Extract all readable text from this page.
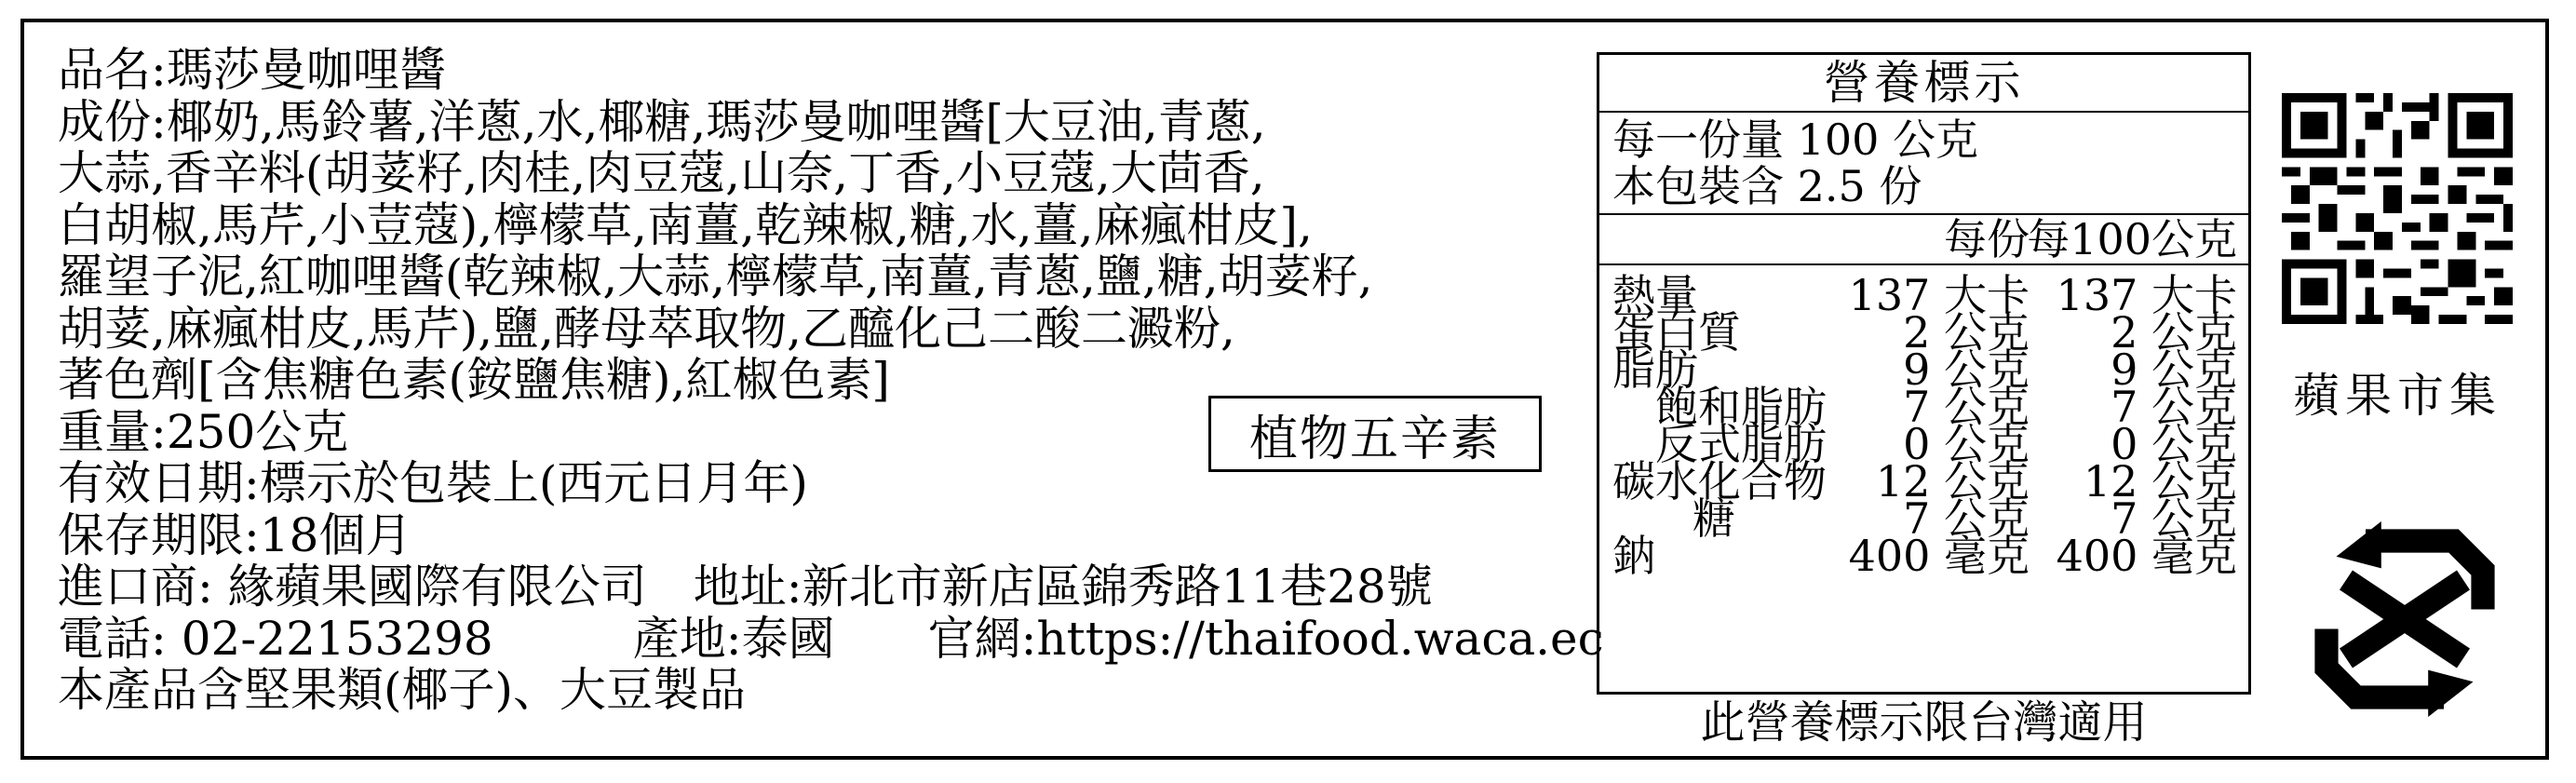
品名:瑪莎曼咖哩醬
成份:椰奶,馬鈴薯,洋蔥,水,椰糖,瑪莎曼咖哩醬[大豆油,青蔥,
大蒜,香辛料(胡荽籽,肉桂,肉豆蔻,山奈,丁香,小豆蔻,大茴香,
白胡椒,馬芹,小荳蔻),檸檬草,南薑,乾辣椒,糖,水,薑,麻瘋柑皮],
羅望子泥,紅咖哩醬(乾辣椒,大蒜,檸檬草,南薑,青蔥,鹽,糖,胡荽籽,
胡荽,麻瘋柑皮,馬芹),鹽,酵母萃取物,乙醯化己二酸二澱粉,
著色劑[含焦糖色素(銨鹽焦糖),紅椒色素]
重量:250公克
有效日期:標示於包裝上(西元日月年)
保存期限:18個月
進口商: 緣蘋果國際有限公司　地址:新北市新店區錦秀路11巷28號
電話: 02-22153298　　　產地:泰國　　官網:https://thaifood.waca.ec
本產品含堅果類(椰子)、大豆製品
植物五辛素
營養標示
每一份量 100 公克
本包裝含 2.5 份
每份
每100公克
熱量	137 大卡 137 大卡
蛋白質	2 公克 2 公克
脂肪	9 公克 9 公克
飽和脂肪 7 公克 7 公克
反式脂肪 0 公克 0 公克
碳水化合物 12 公克 12 公克
糖	7 公克 7 公克
鈉	400 毫克 400 毫克
此營養標示限台灣適用
蘋果市集
